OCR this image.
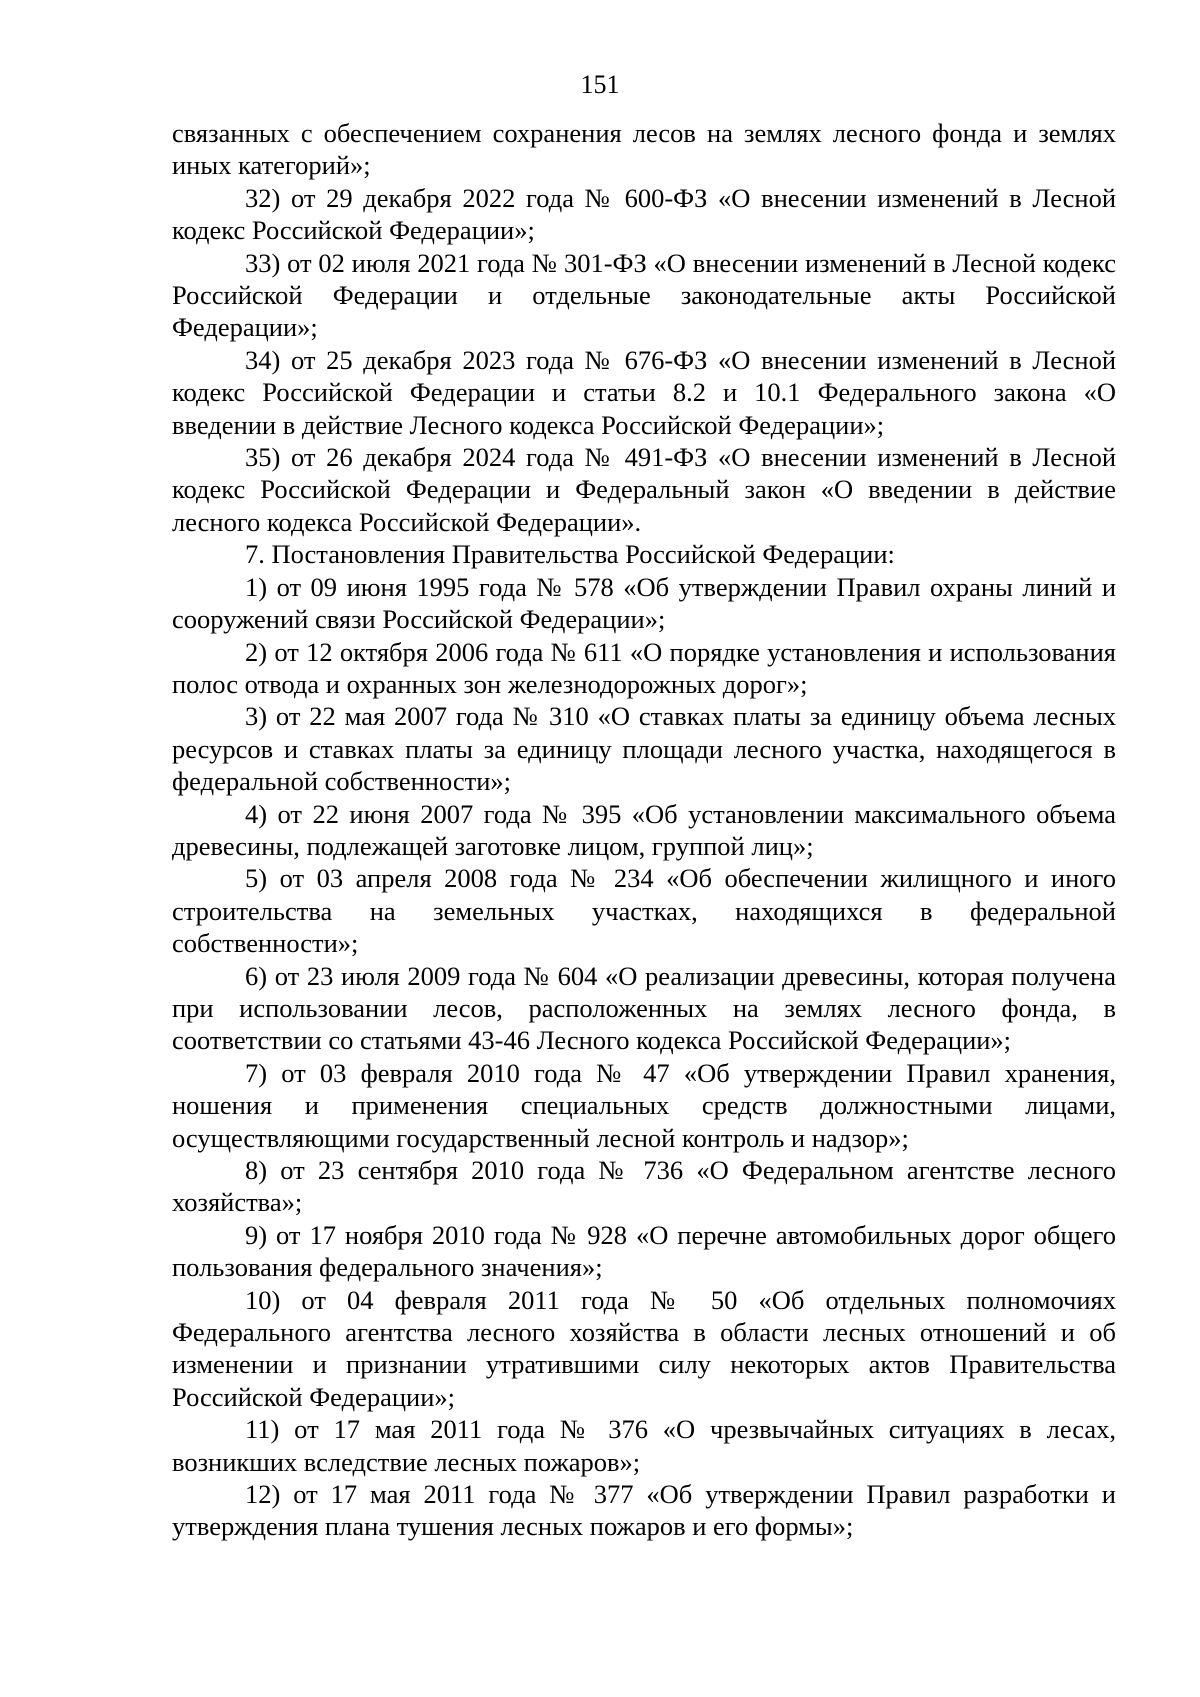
151

связанных с обеспечением сохранения лесов на землях лесного фонда и землях иных категорий»;

32) от 29 декабря 2022 года № 600-ФЗ «О внесении изменений в Лесной кодекс Российской Федерации»;

33) от 02 июля 2021 года № 301-ФЗ «О внесении изменений в Лесной кодекс Российской Федерации и отдельные законодательные акты Российской Федерации»;

34) от 25 декабря 2023 года № 676-ФЗ «О внесении изменений в Лесной кодекс Российской Федерации и статьи 8.2 и 10.1 Федерального закона «О введении в действие Лесного кодекса Российской Федерации»;

35) от 26 декабря 2024 года № 491-ФЗ «О внесении изменений в Лесной кодекс Российской Федерации и Федеральный закон «О введении в действие лесного кодекса Российской Федерации».

7. Постановления Правительства Российской Федерации:

1) от 09 июня 1995 года № 578 «Об утверждении Правил охраны линий и сооружений связи Российской Федерации»;

2) от 12 октября 2006 года № 611 «О порядке установления и использования полос отвода и охранных зон железнодорожных дорог»;

3) от 22 мая 2007 года № 310 «О ставках платы за единицу объема лесных ресурсов и ставках платы за единицу площади лесного участка, находящегося в федеральной собственности»;

4) от 22 июня 2007 года № 395 «Об установлении максимального объема древесины, подлежащей заготовке лицом, группой лиц»;

5) от 03 апреля 2008 года № 234 «Об обеспечении жилищного и иного строительства на земельных участках, находящихся в федеральной собственности»;

6) от 23 июля 2009 года № 604 «О реализации древесины, которая получена при использовании лесов, расположенных на землях лесного фонда, в соответствии со статьями 43-46 Лесного кодекса Российской Федерации»;

7) от 03 февраля 2010 года № 47 «Об утверждении Правил хранения, ношения и применения специальных средств должностными лицами, осуществляющими государственный лесной контроль и надзор»;

8) от 23 сентября 2010 года № 736 «О Федеральном агентстве лесного хозяйства»;

9) от 17 ноября 2010 года № 928 «О перечне автомобильных дорог общего пользования федерального значения»;

10) от 04 февраля 2011 года № 50 «Об отдельных полномочиях Федерального агентства лесного хозяйства в области лесных отношений и об изменении и признании утратившими силу некоторых актов Правительства Российской Федерации»;

11) от 17 мая 2011 года № 376 «О чрезвычайных ситуациях в лесах, возникших вследствие лесных пожаров»;

12) от 17 мая 2011 года № 377 «Об утверждении Правил разработки и утверждения плана тушения лесных пожаров и его формы»;
